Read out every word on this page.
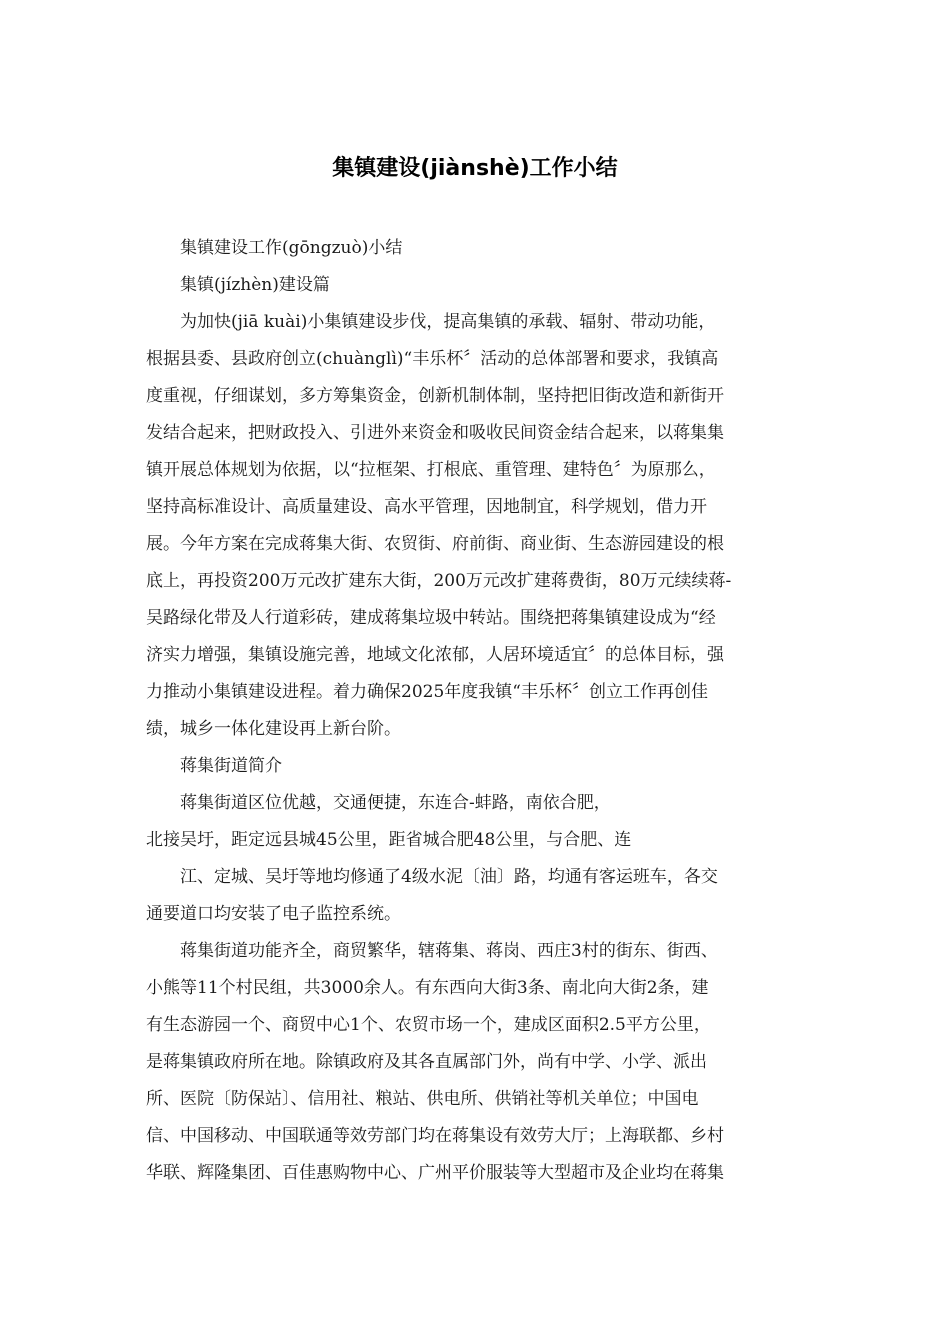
集镇建设(jiànshè)工作小结

集镇建设工作(gōngzuò)小结

集镇(jízhèn)建设篇

为加快(jiā kuài)小集镇建设步伐，提高集镇的承载、辐射、带动功能，

根据县委、县政府创立(chuànglì)“丰乐杯〞活动的总体部署和要求，我镇高

度重视，仔细谋划，多方筹集资金，创新机制体制，坚持把旧街改造和新街开

发结合起来，把财政投入、引进外来资金和吸收民间资金结合起来，以蒋集集

镇开展总体规划为依据，以“拉框架、打根底、重管理、建特色〞为原那么，

坚持高标准设计、高质量建设、高水平管理，因地制宜，科学规划，借力开

展。今年方案在完成蒋集大街、农贸街、府前街、商业街、生态游园建设的根

底上，再投资200万元改扩建东大街，200万元改扩建蒋费街，80万元续续蒋-

吴路绿化带及人行道彩砖，建成蒋集垃圾中转站。围绕把蒋集镇建设成为“经

济实力增强，集镇设施完善，地域文化浓郁，人居环境适宜〞的总体目标，强

力推动小集镇建设进程。着力确保2025年度我镇“丰乐杯〞创立工作再创佳

绩，城乡一体化建设再上新台阶。

蒋集街道简介

蒋集街道区位优越，交通便捷，东连合-蚌路，南依合肥，

北接吴圩，距定远县城45公里，距省城合肥48公里，与合肥、连

江、定城、吴圩等地均修通了4级水泥〔油〕路，均通有客运班车，各交

通要道口均安装了电子监控系统。

蒋集街道功能齐全，商贸繁华，辖蒋集、蒋岗、西庄3村的街东、街西、

小熊等11个村民组，共3000余人。有东西向大街3条、南北向大街2条，建

有生态游园一个、商贸中心1个、农贸市场一个，建成区面积2.5平方公里，

是蒋集镇政府所在地。除镇政府及其各直属部门外，尚有中学、小学、派出

所、医院〔防保站〕、信用社、粮站、供电所、供销社等机关单位；中国电

信、中国移动、中国联通等效劳部门均在蒋集设有效劳大厅；上海联都、乡村

华联、辉隆集团、百佳惠购物中心、广州平价服装等大型超市及企业均在蒋集
